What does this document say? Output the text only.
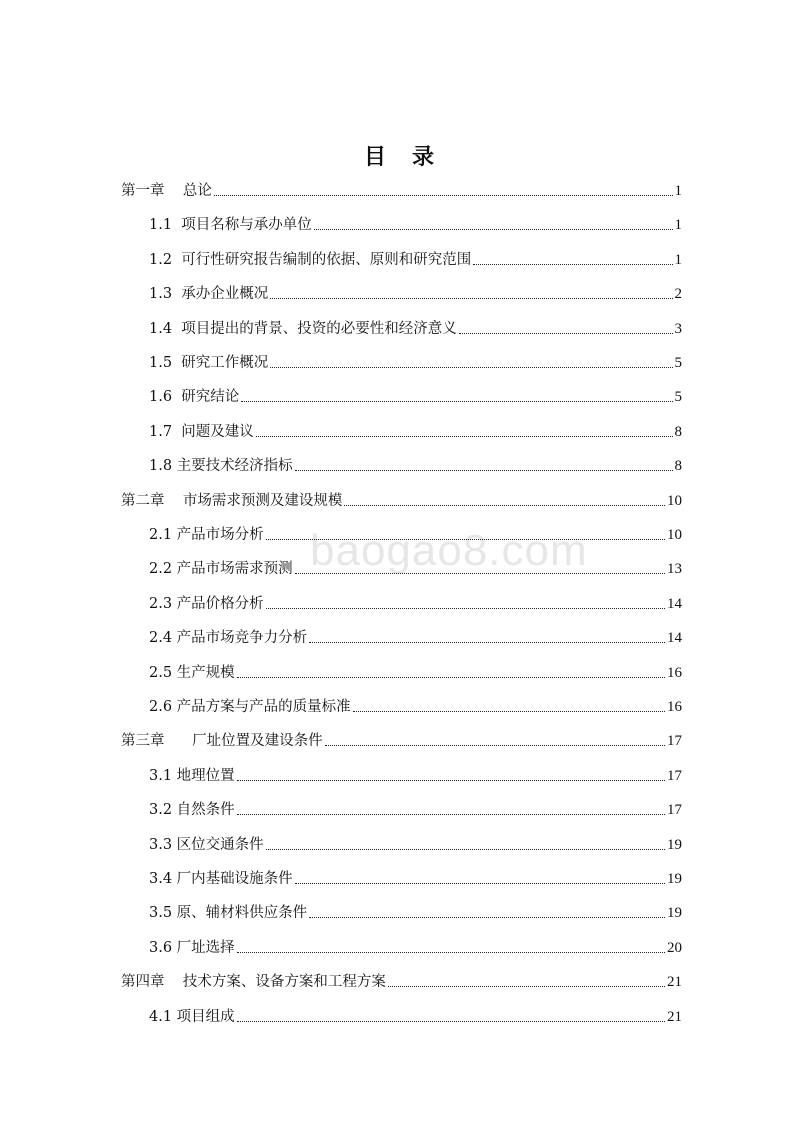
目 录
baogao8.com
第一章    总论	1
1.1  项目名称与承办单位	1
1.2  可行性研究报告编制的依据、原则和研究范围	1
1.3  承办企业概况	2
1.4  项目提出的背景、投资的必要性和经济意义	3
1.5  研究工作概况	5
1.6  研究结论	5
1.7  问题及建议	8
1.8 主要技术经济指标	8
第二章    市场需求预测及建设规模	10
2.1 产品市场分析	10
2.2 产品市场需求预测	13
2.3 产品价格分析	14
2.4 产品市场竞争力分析	14
2.5 生产规模	16
2.6 产品方案与产品的质量标准	16
第三章      厂址位置及建设条件	17
3.1 地理位置	17
3.2 自然条件	17
3.3 区位交通条件	19
3.4 厂内基础设施条件	19
3.5 原、辅材料供应条件	19
3.6 厂址选择	20
第四章    技术方案、设备方案和工程方案	21
4.1 项目组成	21
